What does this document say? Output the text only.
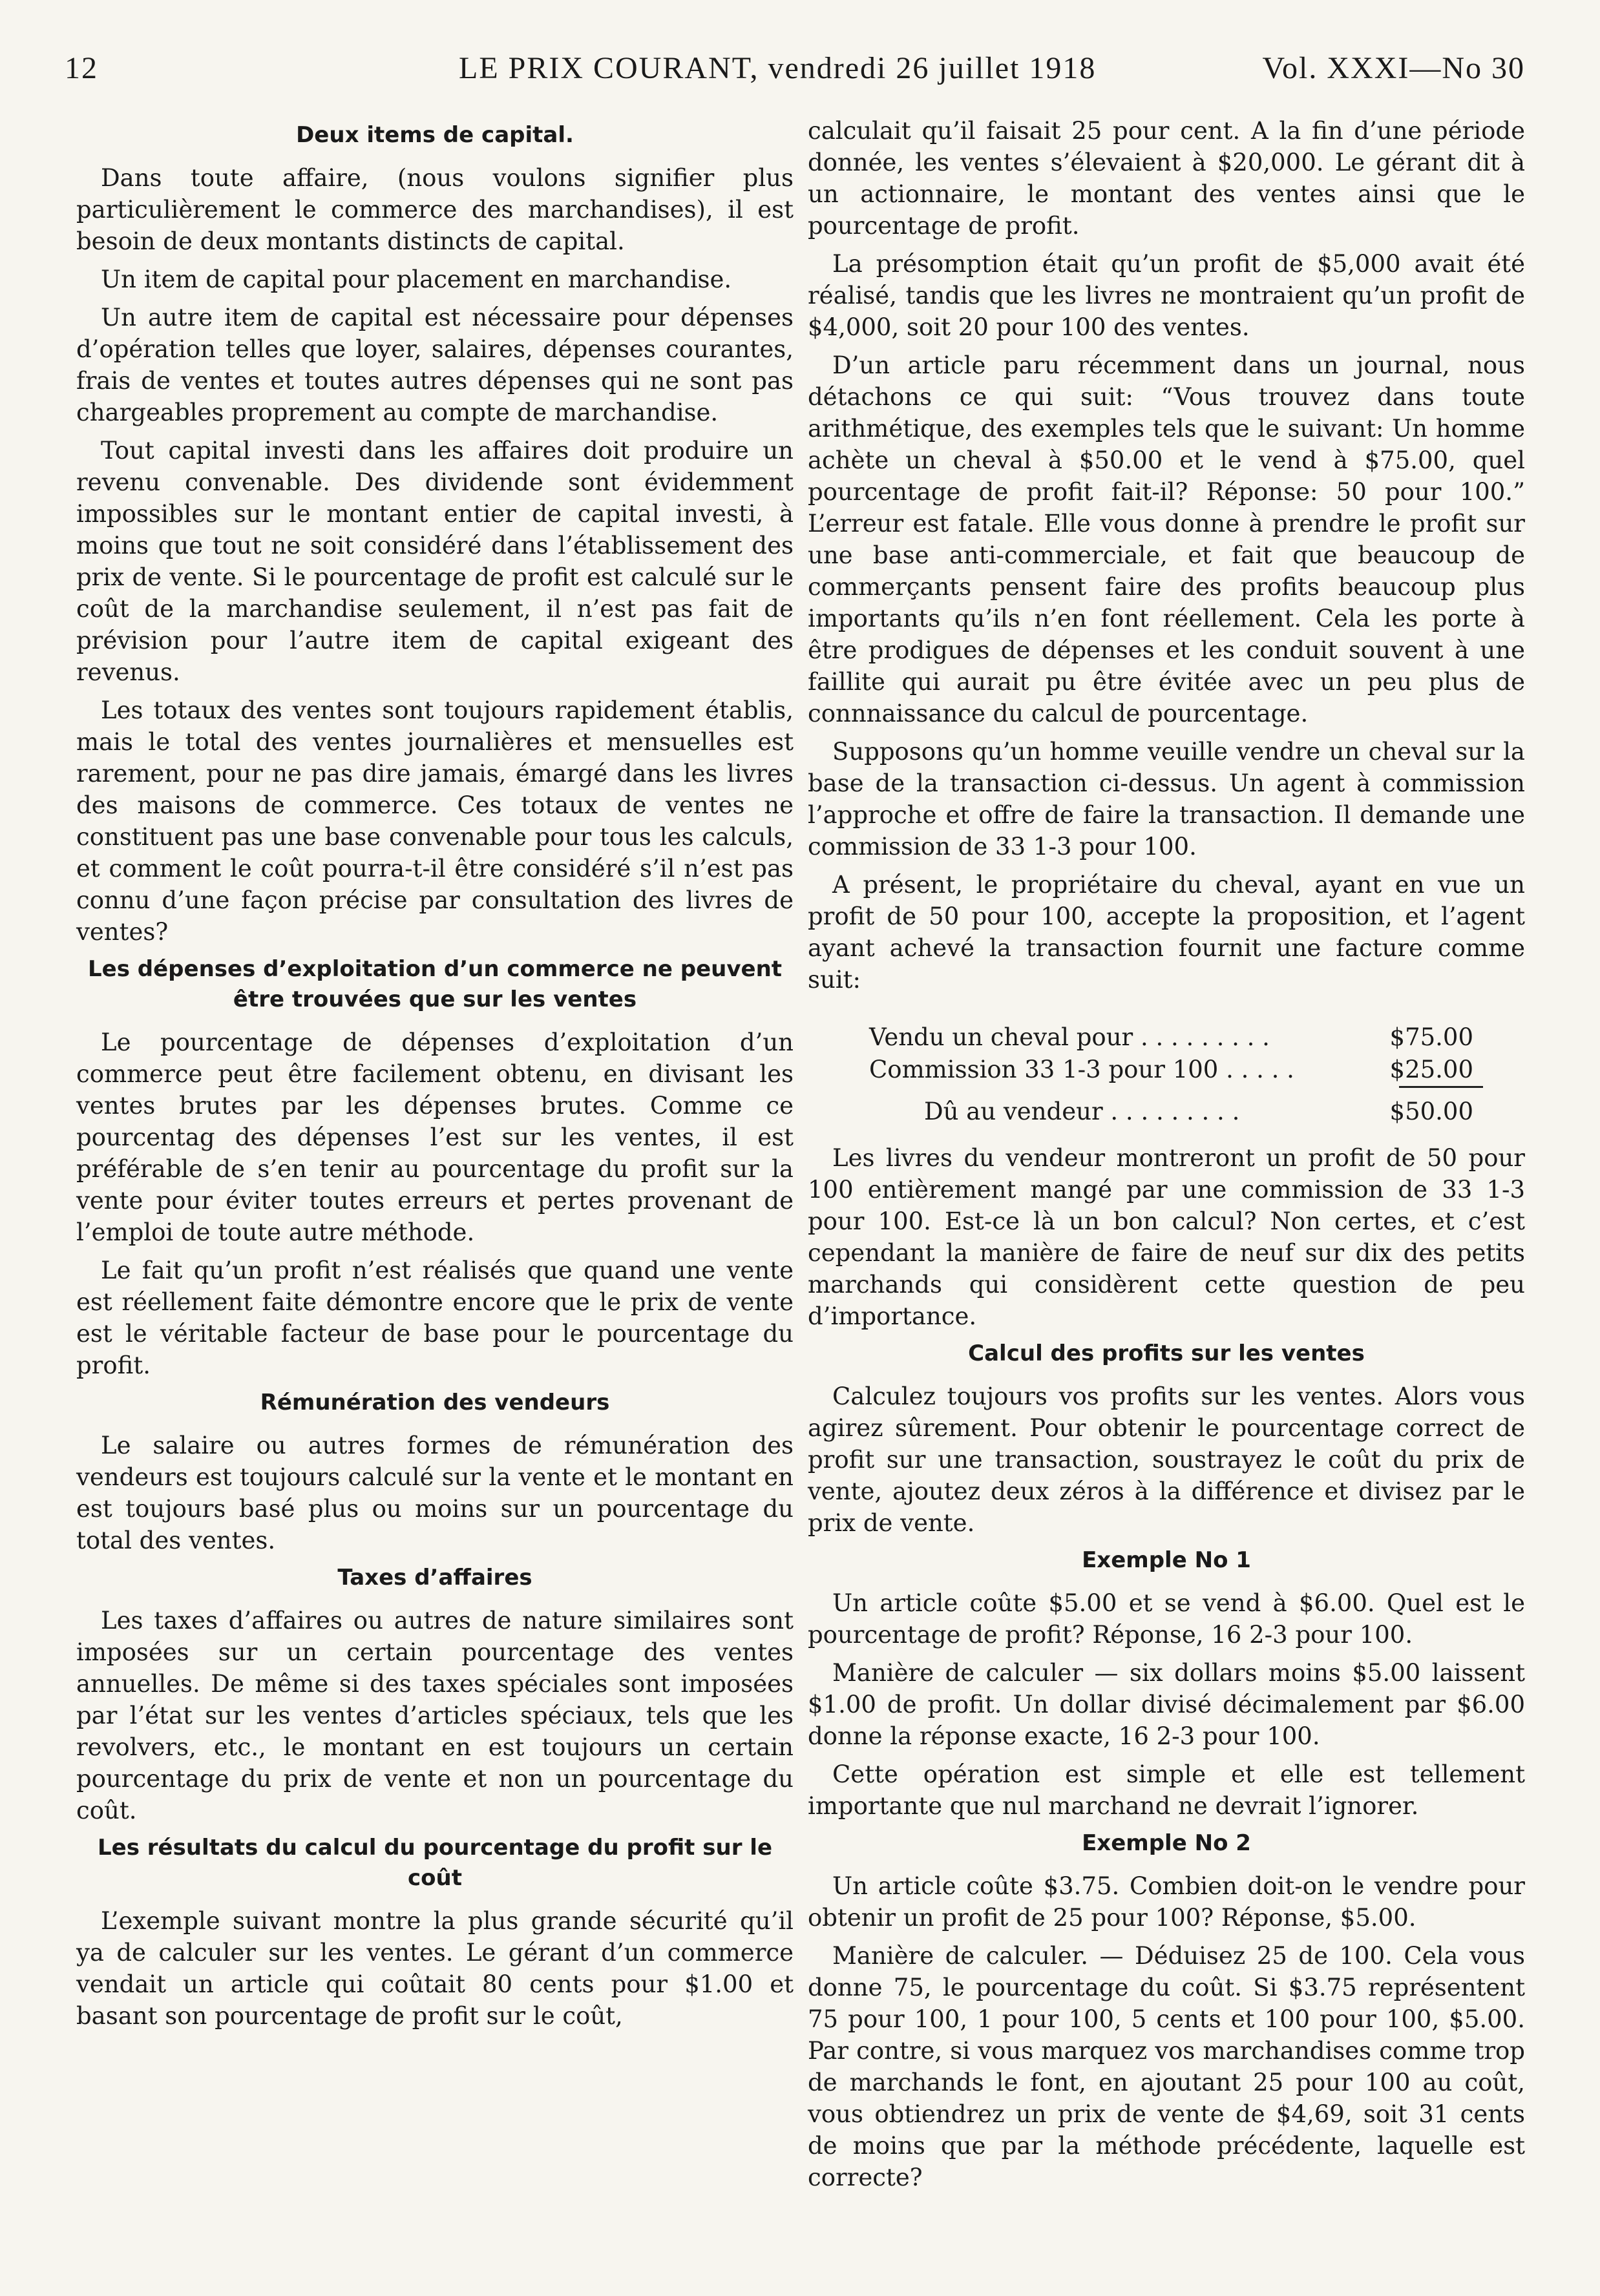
12	LE PRIX COURANT, vendredi 26 juillet 1918	Vol. XXXI—No 30
Deux items de capital.

Dans toute affaire, (nous voulons signifier plus particulièrement le commerce des marchandises), il est besoin de deux montants distincts de capital.

Un item de capital pour placement en marchandise.

Un autre item de capital est nécessaire pour dépenses d’opération telles que loyer, salaires, dépenses courantes, frais de ventes et toutes autres dépenses qui ne sont pas chargeables proprement au compte de marchandise.

Tout capital investi dans les affaires doit produire un revenu convenable. Des dividende sont évidemment impossibles sur le montant entier de capital investi, à moins que tout ne soit considéré dans l’établissement des prix de vente. Si le pourcentage de profit est calculé sur le coût de la marchandise seulement, il n’est pas fait de prévision pour l’autre item de capital exigeant des revenus.

Les totaux des ventes sont toujours rapidement établis, mais le total des ventes journalières et mensuelles est rarement, pour ne pas dire jamais, émargé dans les livres des maisons de commerce. Ces totaux de ventes ne constituent pas une base convenable pour tous les calculs, et comment le coût pourra-t-il être considéré s’il n’est pas connu d’une façon précise par consultation des livres de ventes?

Les dépenses d’exploitation d’un commerce ne peuvent être trouvées que sur les ventes

Le pourcentage de dépenses d’exploitation d’un commerce peut être facilement obtenu, en divisant les ventes brutes par les dépenses brutes. Comme ce pourcentag des dépenses l’est sur les ventes, il est préférable de s’en tenir au pourcentage du profit sur la vente pour éviter toutes erreurs et pertes provenant de l’emploi de toute autre méthode.

Le fait qu’un profit n’est réalisés que quand une vente est réellement faite démontre encore que le prix de vente est le véritable facteur de base pour le pourcentage du profit.

Rémunération des vendeurs

Le salaire ou autres formes de rémunération des vendeurs est toujours calculé sur la vente et le montant en est toujours basé plus ou moins sur un pourcentage du total des ventes.

Taxes d’affaires

Les taxes d’affaires ou autres de nature similaires sont imposées sur un certain pourcentage des ventes annuelles. De même si des taxes spéciales sont imposées par l’état sur les ventes d’articles spéciaux, tels que les revolvers, etc., le montant en est toujours un certain pourcentage du prix de vente et non un pourcentage du coût.

Les résultats du calcul du pourcentage du profit sur le coût

L’exemple suivant montre la plus grande sécurité qu’il ya de calculer sur les ventes. Le gérant d’un commerce vendait un article qui coûtait 80 cents pour $1.00 et basant son pourcentage de profit sur le coût,

calculait qu’il faisait 25 pour cent. A la fin d’une période donnée, les ventes s’élevaient à $20,000. Le gérant dit à un actionnaire, le montant des ventes ainsi que le pourcentage de profit.

La présomption était qu’un profit de $5,000 avait été réalisé, tandis que les livres ne montraient qu’un profit de $4,000, soit 20 pour 100 des ventes.

D’un article paru récemment dans un journal, nous détachons ce qui suit: “Vous trouvez dans toute arithmétique, des exemples tels que le suivant: Un homme achète un cheval à $50.00 et le vend à $75.00, quel pourcentage de profit fait-il? Réponse: 50 pour 100.” L’erreur est fatale. Elle vous donne à prendre le profit sur une base anti-commerciale, et fait que beaucoup de commerçants pensent faire des profits beaucoup plus importants qu’ils n’en font réellement. Cela les porte à être prodigues de dépenses et les conduit souvent à une faillite qui aurait pu être évitée avec un peu plus de connnaissance du calcul de pourcentage.

Supposons qu’un homme veuille vendre un cheval sur la base de la transaction ci-dessus. Un agent à commission l’approche et offre de faire la transaction. Il demande une commission de 33 1-3 pour 100.

A présent, le propriétaire du cheval, ayant en vue un profit de 50 pour 100, accepte la proposition, et l’agent ayant achevé la transaction fournit une facture comme suit:

Vendu un cheval pour . . . . . . . . .	$75.00
Commission 33 1-3 pour 100 . . . . .	$25.00
Dû au vendeur . . . . . . . . .	$50.00

Les livres du vendeur montreront un profit de 50 pour 100 entièrement mangé par une commission de 33 1-3 pour 100. Est-ce là un bon calcul? Non certes, et c’est cependant la manière de faire de neuf sur dix des petits marchands qui considèrent cette question de peu d’importance.

Calcul des profits sur les ventes

Calculez toujours vos profits sur les ventes. Alors vous agirez sûrement. Pour obtenir le pourcentage correct de profit sur une transaction, soustrayez le coût du prix de vente, ajoutez deux zéros à la différence et divisez par le prix de vente.

Exemple No 1

Un article coûte $5.00 et se vend à $6.00. Quel est le pourcentage de profit? Réponse, 16 2-3 pour 100.

Manière de calculer — six dollars moins $5.00 laissent $1.00 de profit. Un dollar divisé décimalement par $6.00 donne la réponse exacte, 16 2-3 pour 100.

Cette opération est simple et elle est tellement importante que nul marchand ne devrait l’ignorer.

Exemple No 2

Un article coûte $3.75. Combien doit-on le vendre pour obtenir un profit de 25 pour 100? Réponse, $5.00.

Manière de calculer. — Déduisez 25 de 100. Cela vous donne 75, le pourcentage du coût. Si $3.75 représentent 75 pour 100, 1 pour 100, 5 cents et 100 pour 100, $5.00. Par contre, si vous marquez vos marchandises comme trop de marchands le font, en ajoutant 25 pour 100 au coût, vous obtiendrez un prix de vente de $4,69, soit 31 cents de moins que par la méthode précédente, laquelle est correcte?
